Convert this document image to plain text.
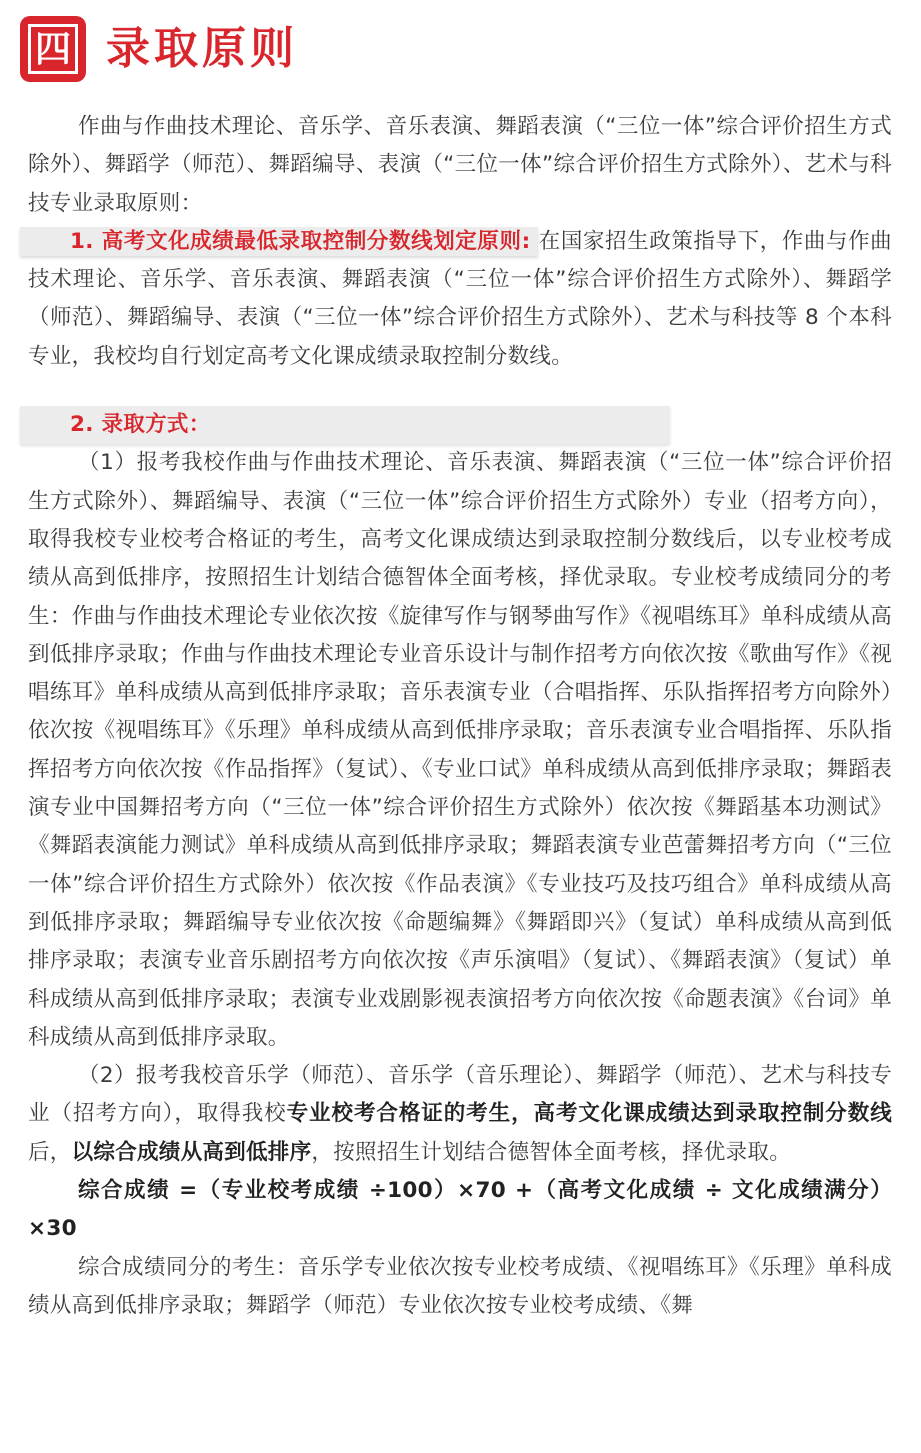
四 录取原则

作曲与作曲技术理论、音乐学、音乐表演、舞蹈表演（“三位一体”综合评价招生方式除外）、舞蹈学（师范）、舞蹈编导、表演（“三位一体”综合评价招生方式除外）、艺术与科技专业录取原则：

1. 高考文化成绩最低录取控制分数线划定原则: 在国家招生政策指导下，作曲与作曲技术理论、音乐学、音乐表演、舞蹈表演（“三位一体”综合评价招生方式除外）、舞蹈学（师范）、舞蹈编导、表演（“三位一体”综合评价招生方式除外）、艺术与科技等 8 个本科专业，我校均自行划定高考文化课成绩录取控制分数线。

2. 录取方式：

（1）报考我校作曲与作曲技术理论、音乐表演、舞蹈表演（“三位一体”综合评价招生方式除外）、舞蹈编导、表演（“三位一体”综合评价招生方式除外）专业（招考方向），取得我校专业校考合格证的考生，高考文化课成绩达到录取控制分数线后，以专业校考成绩从高到低排序，按照招生计划结合德智体全面考核，择优录取。专业校考成绩同分的考生：作曲与作曲技术理论专业依次按《旋律写作与钢琴曲写作》《视唱练耳》单科成绩从高到低排序录取；作曲与作曲技术理论专业音乐设计与制作招考方向依次按《歌曲写作》《视唱练耳》单科成绩从高到低排序录取；音乐表演专业（合唱指挥、乐队指挥招考方向除外）依次按《视唱练耳》《乐理》单科成绩从高到低排序录取；音乐表演专业合唱指挥、乐队指挥招考方向依次按《作品指挥》（复试）、《专业口试》单科成绩从高到低排序录取；舞蹈表演专业中国舞招考方向（“三位一体”综合评价招生方式除外）依次按《舞蹈基本功测试》《舞蹈表演能力测试》单科成绩从高到低排序录取；舞蹈表演专业芭蕾舞招考方向（“三位一体”综合评价招生方式除外）依次按《作品表演》《专业技巧及技巧组合》单科成绩从高到低排序录取；舞蹈编导专业依次按《命题编舞》《舞蹈即兴》（复试）单科成绩从高到低排序录取；表演专业音乐剧招考方向依次按《声乐演唱》（复试）、《舞蹈表演》（复试）单科成绩从高到低排序录取；表演专业戏剧影视表演招考方向依次按《命题表演》《台词》单科成绩从高到低排序录取。

（2）报考我校音乐学（师范）、音乐学（音乐理论）、舞蹈学（师范）、艺术与科技专业（招考方向），取得我校专业校考合格证的考生，高考文化课成绩达到录取控制分数线后，以综合成绩从高到低排序，按照招生计划结合德智体全面考核，择优录取。

综合成绩 =（专业校考成绩 ÷100）×70 +（高考文化成绩 ÷ 文化成绩满分）×30

综合成绩同分的考生：音乐学专业依次按专业校考成绩、《视唱练耳》《乐理》单科成绩从高到低排序录取；舞蹈学（师范）专业依次按专业校考成绩、《舞
